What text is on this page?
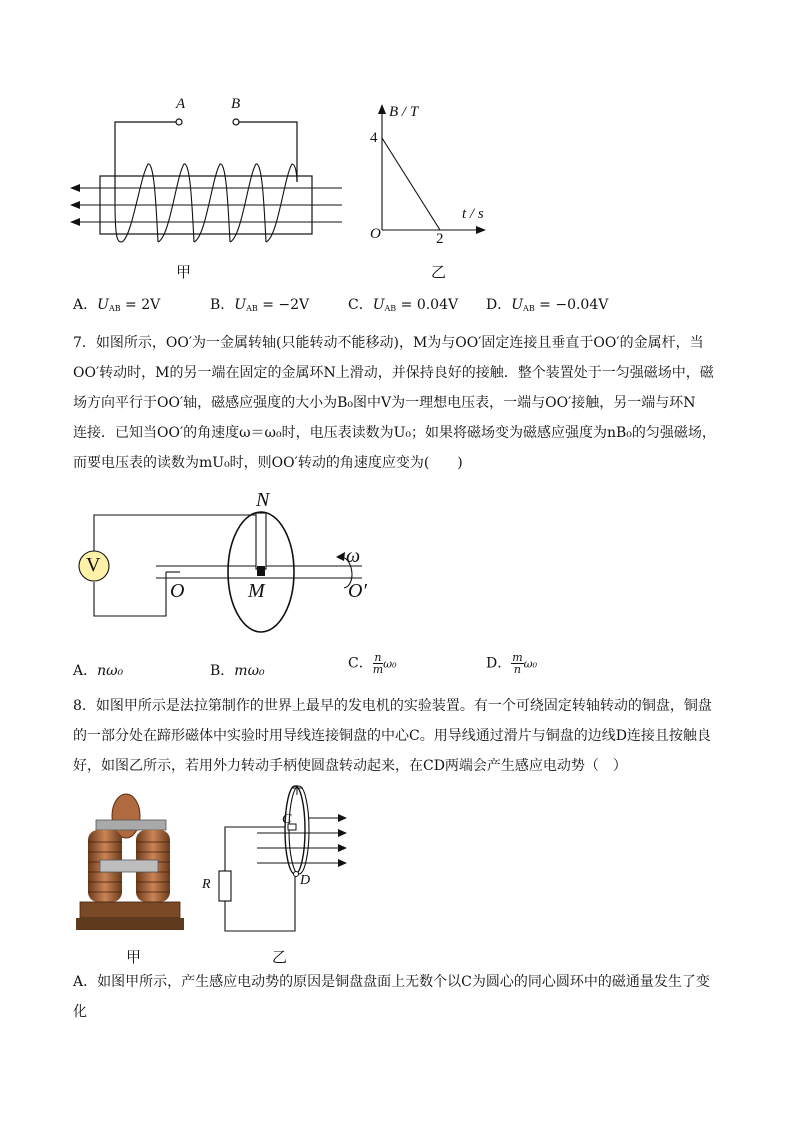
A	B
甲
B / T
t / s
O
4
2
乙
A．$U_{AB} = 2V$	B．$U_{AB} = -2V$	C．$U_{AB} = 0.04V$ D．$U_{AB} = -0.04V$
7．如图所示，OO′为一金属转轴(只能转动不能移动)，M为与OO′固定连接且垂直于OO′的金属杆，当
OO′转动时，M的另一端在固定的金属环N上滑动，并保持良好的接触．整个装置处于一匀强磁场中，磁
场方向平行于OO′轴，磁感应强度的大小为B₀图中V为一理想电压表，一端与OO′接触，另一端与环N
连接．已知当OO′的角速度ω＝ω₀时，电压表读数为U₀；如果将磁场变为磁感应强度为nB₀的匀强磁场，
而要电压表的读数为mU₀时，则OO′转动的角速度应变为(　　)
N
V
O	M	O′
ω
A．nω₀	B．mω₀	C． $\frac{n}{m} \omega_0$	D． $\frac{m}{n} \omega_0$
8．如图甲所示是法拉第制作的世界上最早的发电机的实验装置。有一个可绕固定转轴转动的铜盘，铜盘
的一部分处在蹄形磁体中实验时用导线连接铜盘的中心C。用导线通过滑片与铜盘的边线D连接且按触良
好，如图乙所示，若用外力转动手柄使圆盘转动起来，在CD两端会产生感应电动势（　）
甲
C
D
R
乙
A．如图甲所示，产生感应电动势的原因是铜盘盘面上无数个以C为圆心的同心圆环中的磁通量发生了变
化
